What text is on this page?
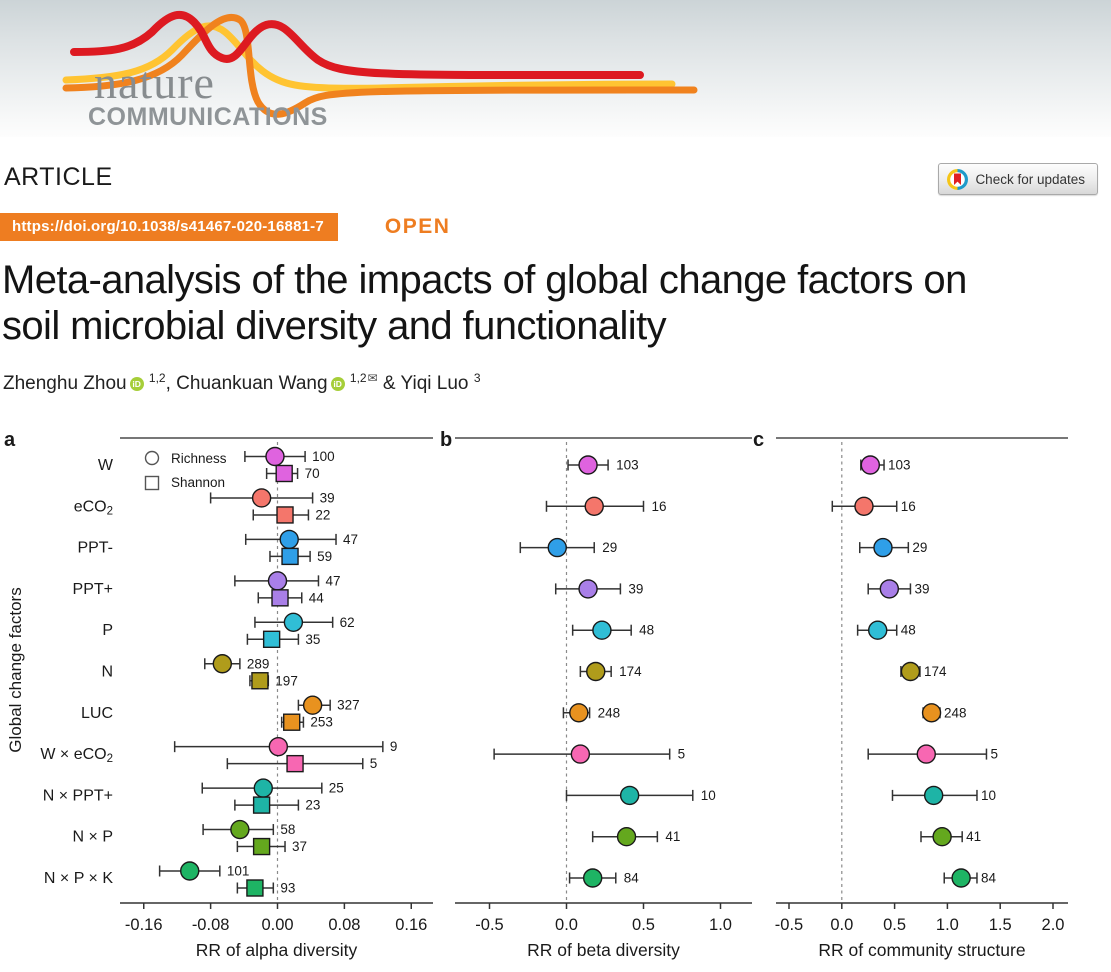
nature
COMMUNICATIONS
ARTICLE	Check for updates
https://doi.org/10.1038/s41467-020-16881-7	OPEN
Meta-analysis of the impacts of global change factors on soil microbial diversity and functionality
Zhenghu Zhou iD $^{1,2}$, Chuankuan Wang iD $^{1,2✉}$ & Yiqi Luo $^3$
a
-0.16 -0.08 0.00 0.08 0.16
RR of alpha diversity
b
-0.5	0.0	0.5	1.0
RR of beta diversity
c
-0.5 0.0 0.5 1.0 1.5 2.0
RR of community structure
Global change factors
Richness
Shannon
W
100
70
103	103
eCO2
39
22
16	16
PPT-
47
59
29	29
PPT+
47
44
39	39
P	62
35
48	48
N	289
197
174	174
LUC	327
253
248	248
W × eCO2
9
5
5	5
N × PPT+	25
23
10	10
N × P	58
37
41	41
N × P × K	101
93
84	84
